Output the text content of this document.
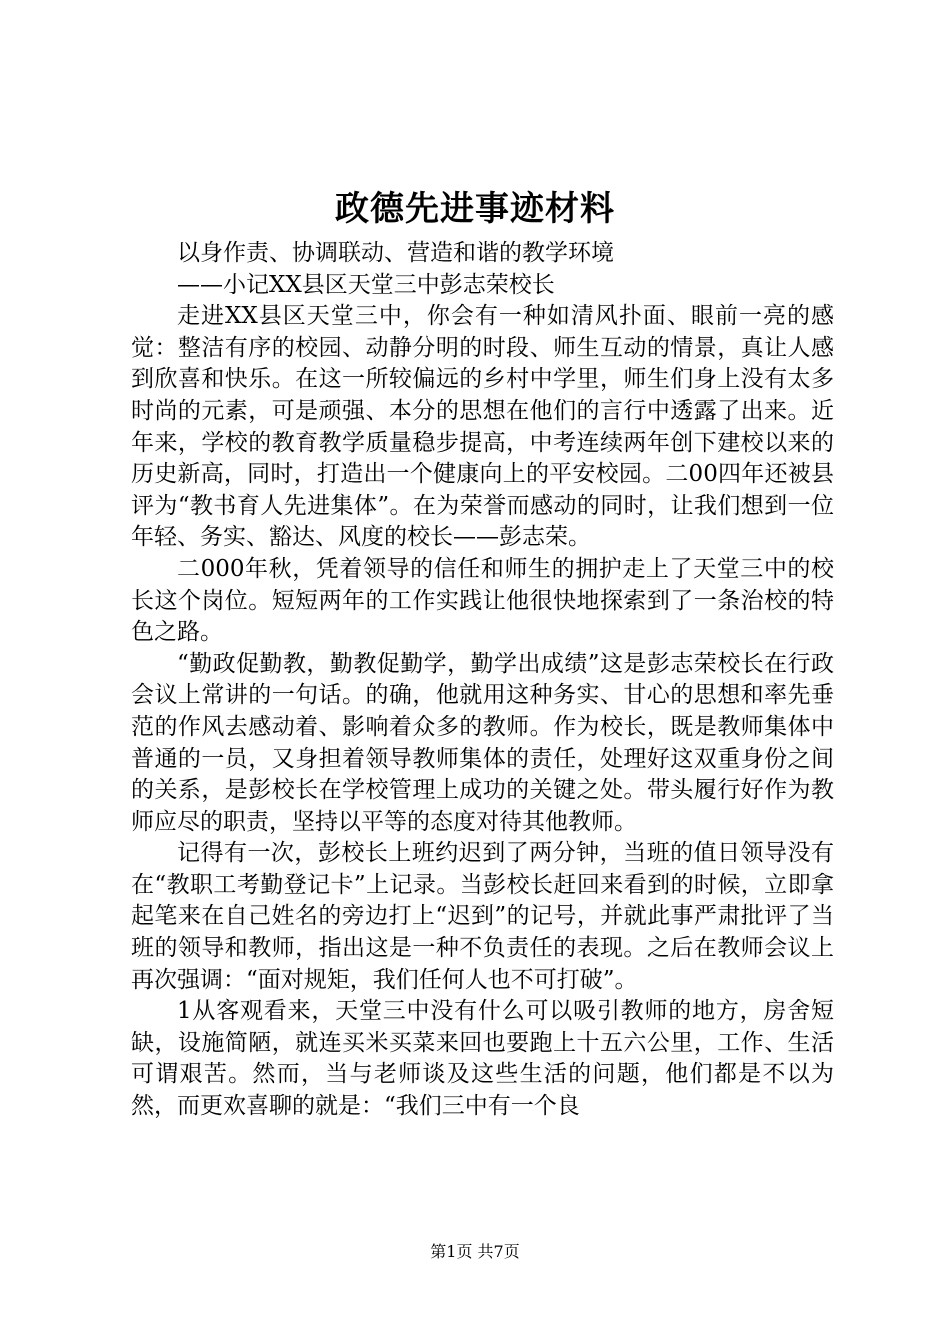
政德先进事迹材料

以身作责、协调联动、营造和谐的教学环境

——小记XX县区天堂三中彭志荣校长

走进XX县区天堂三中，你会有一种如清风扑面、眼前一亮的感觉：整洁有序的校园、动静分明的时段、师生互动的情景，真让人感到欣喜和快乐。在这一所较偏远的乡村中学里，师生们身上没有太多时尚的元素，可是顽强、本分的思想在他们的言行中透露了出来。近年来，学校的教育教学质量稳步提高，中考连续两年创下建校以来的历史新高，同时，打造出一个健康向上的平安校园。二00四年还被县评为“教书育人先进集体”。在为荣誉而感动的同时，让我们想到一位年轻、务实、豁达、风度的校长——彭志荣。

二000年秋，凭着领导的信任和师生的拥护走上了天堂三中的校长这个岗位。短短两年的工作实践让他很快地探索到了一条治校的特色之路。

“勤政促勤教，勤教促勤学，勤学出成绩”这是彭志荣校长在行政会议上常讲的一句话。的确，他就用这种务实、甘心的思想和率先垂范的作风去感动着、影响着众多的教师。作为校长，既是教师集体中普通的一员，又身担着领导教师集体的责任，处理好这双重身份之间的关系，是彭校长在学校管理上成功的关键之处。带头履行好作为教师应尽的职责，坚持以平等的态度对待其他教师。

记得有一次，彭校长上班约迟到了两分钟，当班的值日领导没有在“教职工考勤登记卡”上记录。当彭校长赶回来看到的时候，立即拿起笔来在自己姓名的旁边打上“迟到”的记号，并就此事严肃批评了当班的领导和教师，指出这是一种不负责任的表现。之后在教师会议上再次强调：“面对规矩，我们任何人也不可打破”。

1从客观看来，天堂三中没有什么可以吸引教师的地方，房舍短缺，设施简陋，就连买米买菜来回也要跑上十五六公里，工作、生活可谓艰苦。然而，当与老师谈及这些生活的问题，他们都是不以为然，而更欢喜聊的就是：“我们三中有一个良

第1页 共7页
